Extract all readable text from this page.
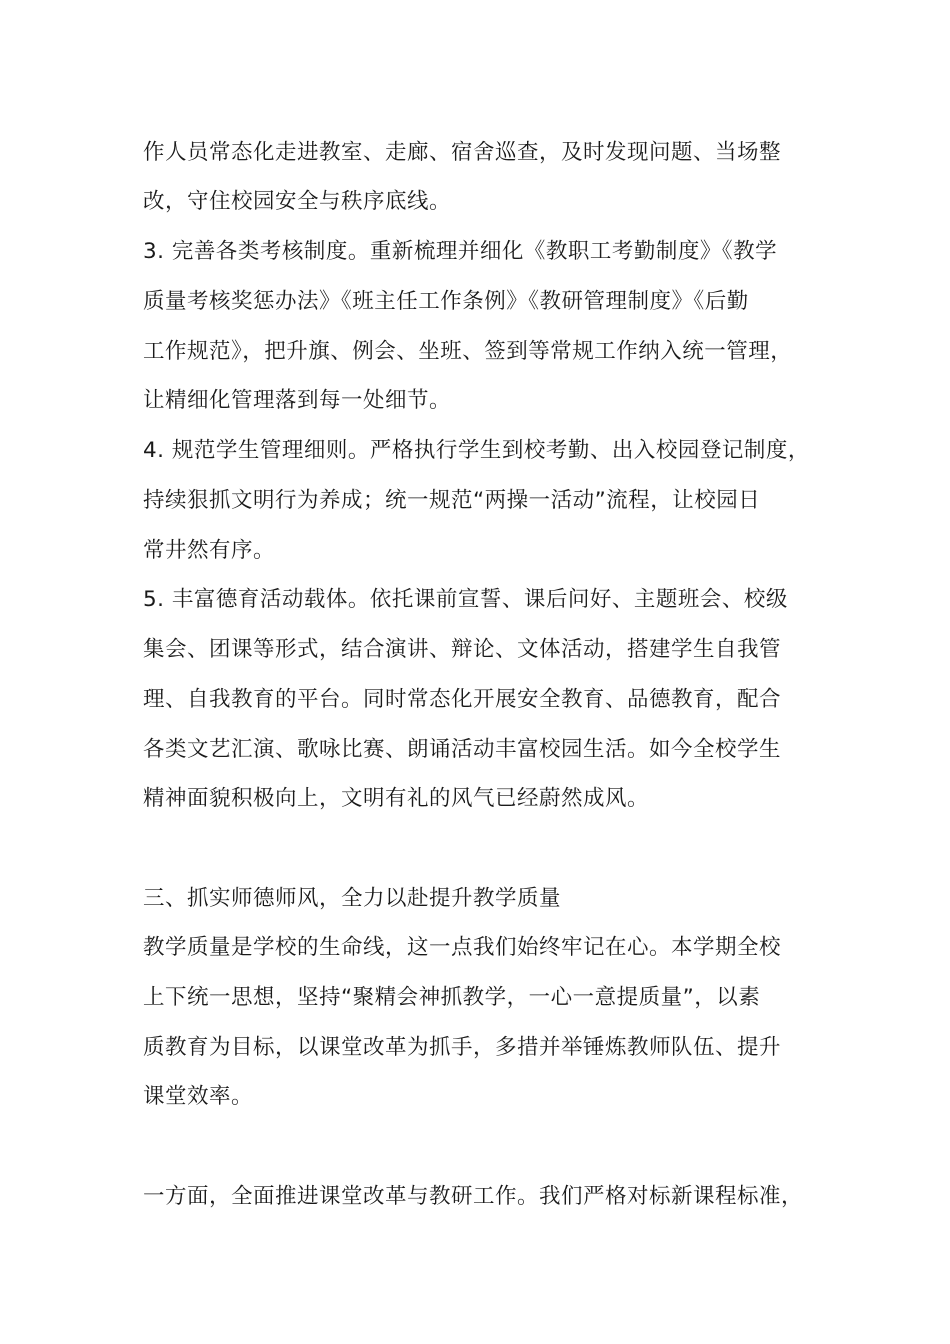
作人员常态化走进教室、走廊、宿舍巡查，及时发现问题、当场整
改，守住校园安全与秩序底线。
3. 完善各类考核制度。重新梳理并细化《教职工考勤制度》《教学
质量考核奖惩办法》《班主任工作条例》《教研管理制度》《后勤
工作规范》，把升旗、例会、坐班、签到等常规工作纳入统一管理，
让精细化管理落到每一处细节。
4. 规范学生管理细则。严格执行学生到校考勤、出入校园登记制度，
持续狠抓文明行为养成；统一规范“两操一活动”流程，让校园日
常井然有序。
5. 丰富德育活动载体。依托课前宣誓、课后问好、主题班会、校级
集会、团课等形式，结合演讲、辩论、文体活动，搭建学生自我管
理、自我教育的平台。同时常态化开展安全教育、品德教育，配合
各类文艺汇演、歌咏比赛、朗诵活动丰富校园生活。如今全校学生
精神面貌积极向上，文明有礼的风气已经蔚然成风。
三、抓实师德师风，全力以赴提升教学质量
教学质量是学校的生命线，这一点我们始终牢记在心。本学期全校
上下统一思想，坚持“聚精会神抓教学，一心一意提质量”，以素
质教育为目标，以课堂改革为抓手，多措并举锤炼教师队伍、提升
课堂效率。
一方面，全面推进课堂改革与教研工作。我们严格对标新课程标准，
